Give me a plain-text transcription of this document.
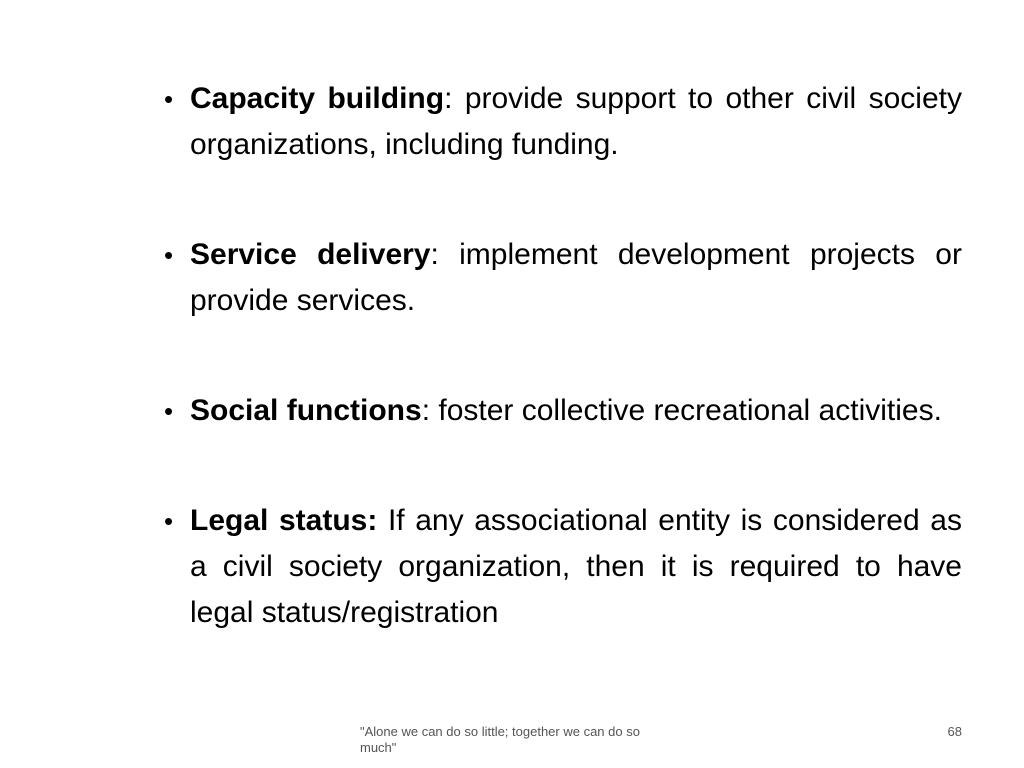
• Capacity building: provide support to other civil society organizations, including funding.
• Service delivery: implement development projects or provide services.
• Social functions: foster collective recreational activities.
• Legal status: If any associational entity is considered as a civil society organization, then it is required to have legal status/registration
"Alone we can do so little; together we can do so much"
68
